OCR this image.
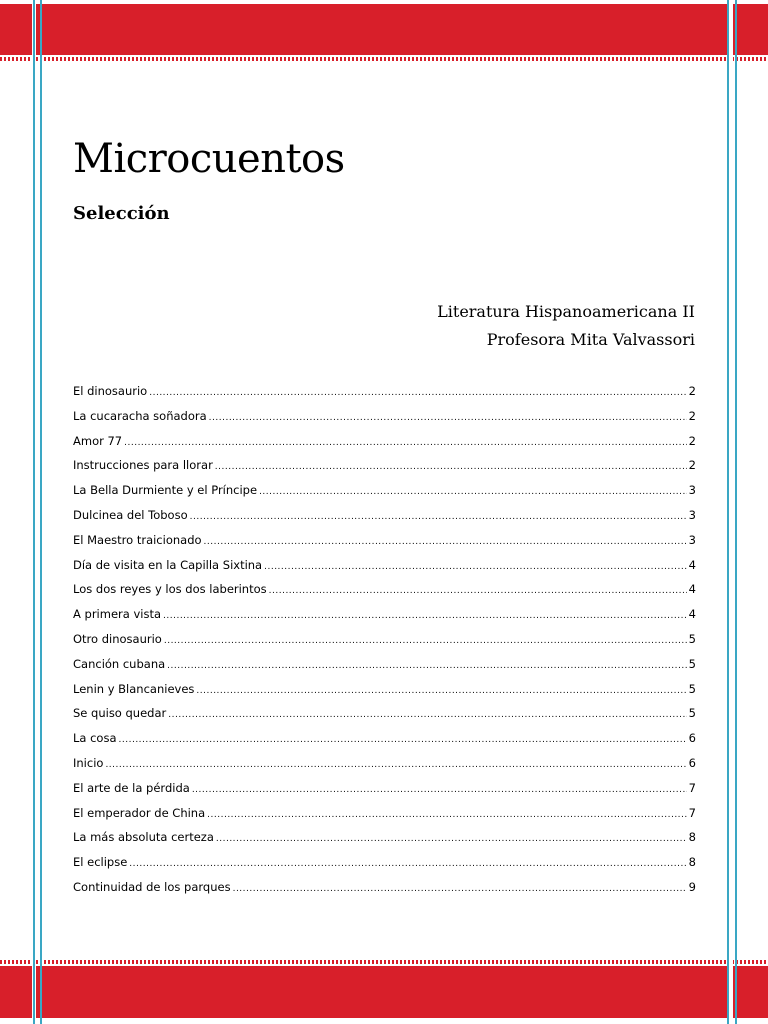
Microcuentos
Selección

Literatura Hispanoamericana II

Profesora Mita Valvassori

El dinosaurio .....	2
La cucaracha soñadora .....	2
Amor 77 .....	2
Instrucciones para llorar .....	2
La Bella Durmiente y el Príncipe .....	3
Dulcinea del Toboso .....	3
El Maestro traicionado .....	3
Día de visita en la Capilla Sixtina .....	4
Los dos reyes y los dos laberintos .....	4
A primera vista .....	4
Otro dinosaurio .....	5
Canción cubana .....	5
Lenin y Blancanieves .....	5
Se quiso quedar .....	5
La cosa .....	6
Inicio .....	6
El arte de la pérdida .....	7
El emperador de China .....	7
La más absoluta certeza .....	8
El eclipse .....	8
Continuidad de los parques .....	9
